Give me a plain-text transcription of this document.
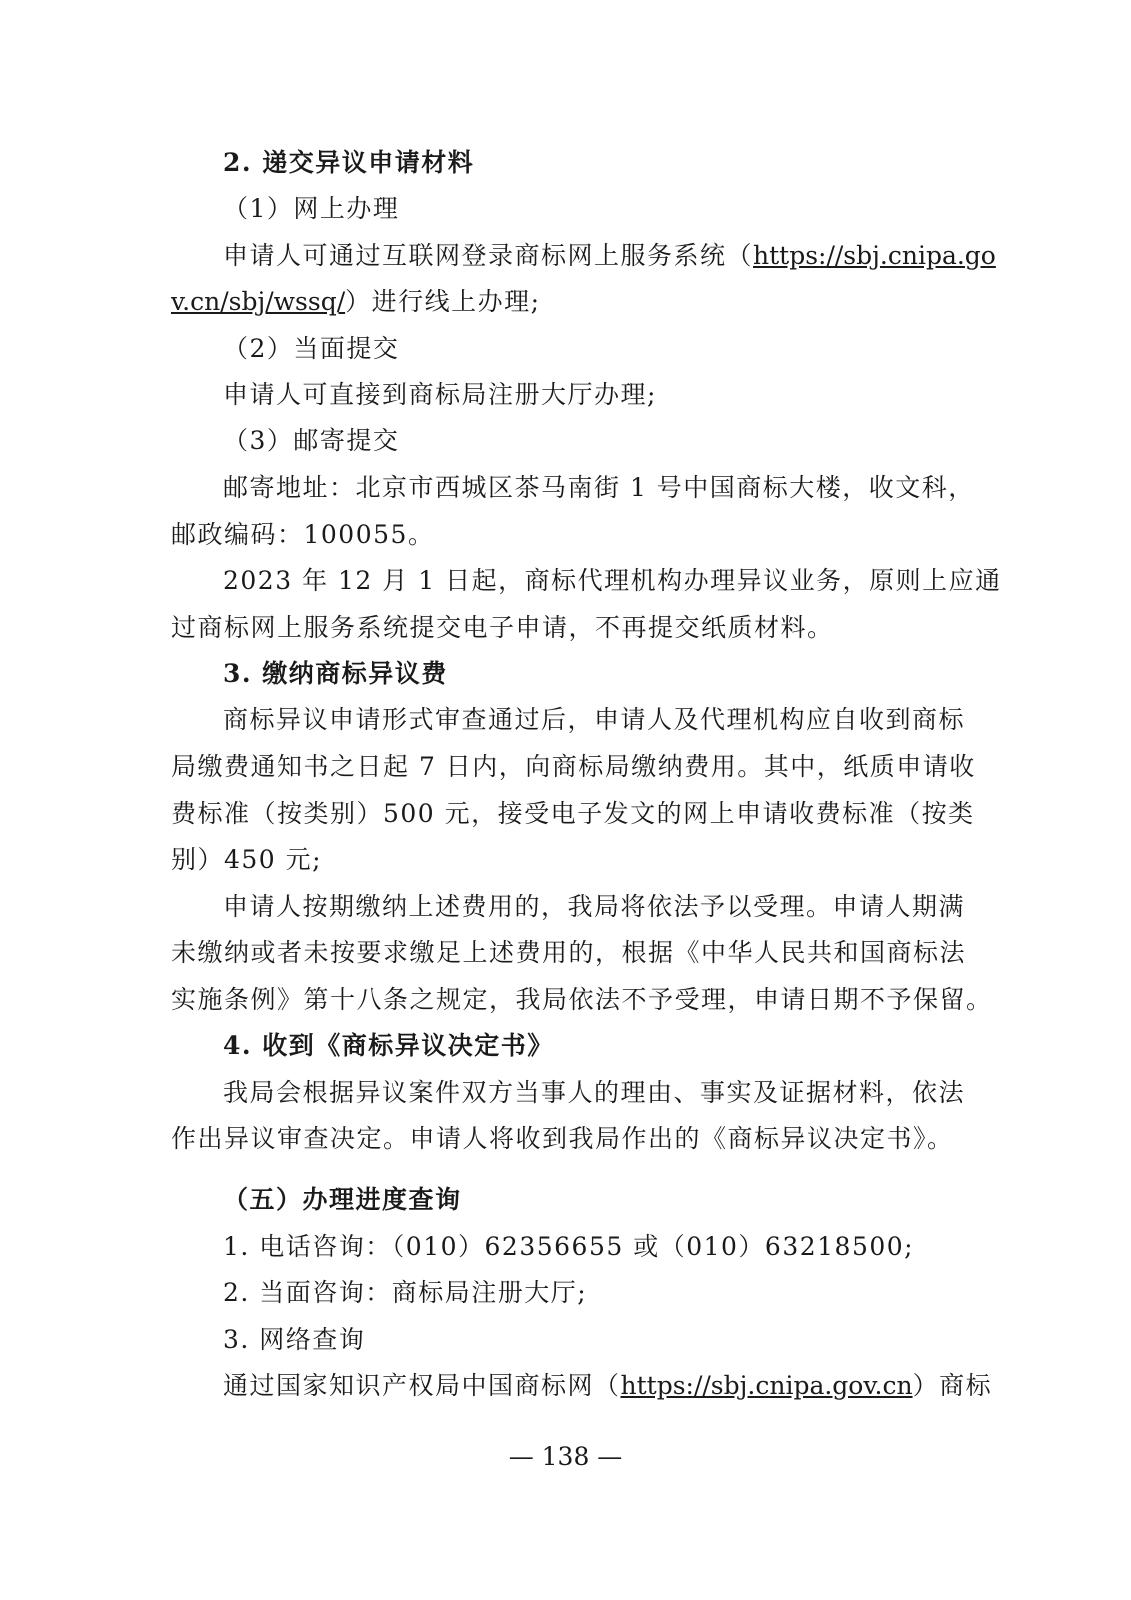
2. 递交异议申请材料
（1）网上办理
申请人可通过互联网登录商标网上服务系统（https://sbj.cnipa.go
v.cn/sbj/wssq/）进行线上办理;
（2）当面提交
申请人可直接到商标局注册大厅办理;
（3）邮寄提交
邮寄地址：北京市西城区茶马南街 1 号中国商标大楼，收文科，
邮政编码：100055。
2023 年 12 月 1 日起，商标代理机构办理异议业务，原则上应通
过商标网上服务系统提交电子申请，不再提交纸质材料。
3. 缴纳商标异议费
商标异议申请形式审查通过后，申请人及代理机构应自收到商标
局缴费通知书之日起 7 日内，向商标局缴纳费用。其中，纸质申请收
费标准（按类别）500 元，接受电子发文的网上申请收费标准（按类
别）450 元;
申请人按期缴纳上述费用的，我局将依法予以受理。申请人期满
未缴纳或者未按要求缴足上述费用的，根据《中华人民共和国商标法
实施条例》第十八条之规定，我局依法不予受理，申请日期不予保留。
4. 收到《商标异议决定书》
我局会根据异议案件双方当事人的理由、事实及证据材料，依法
作出异议审查决定。申请人将收到我局作出的《商标异议决定书》。
（五）办理进度查询
1. 电话咨询：（010）62356655 或（010）63218500;
2. 当面咨询：商标局注册大厅;
3. 网络查询
通过国家知识产权局中国商标网（https://sbj.cnipa.gov.cn）商标
— 138 —
